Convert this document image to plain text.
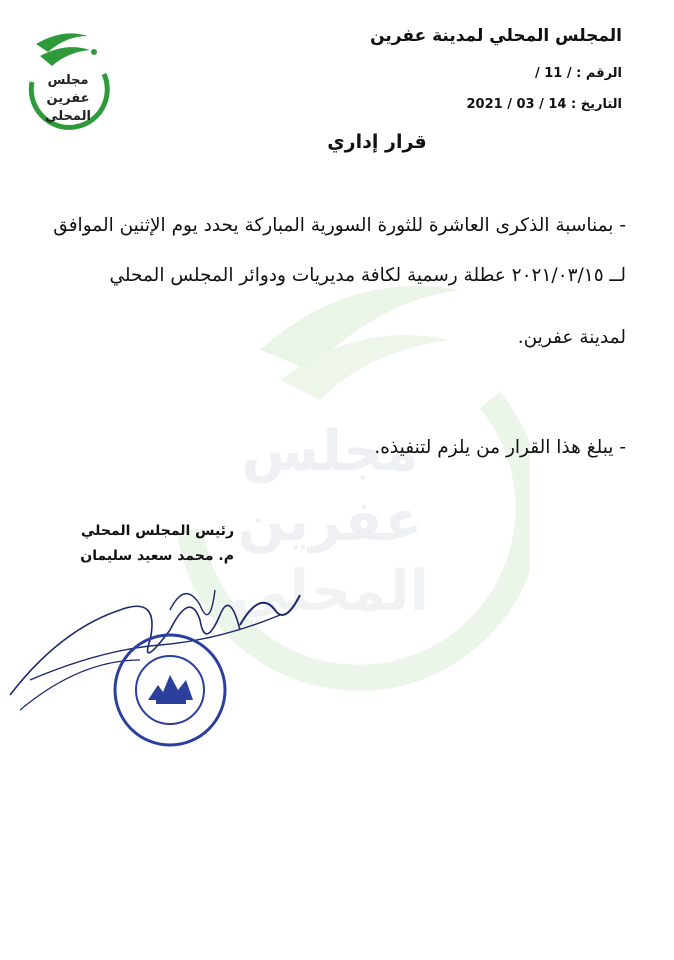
مجلس
عفرين
المحلي
مجلس
عفرين
المحلي
المجلس المحلي لمدينة عفرين
الرقم : / 11 /
التاريخ : 14 / 03 / 2021
قرار إداري
- بمناسبة الذكرى العاشرة للثورة السورية المباركة يحدد يوم الإثنين الموافق
لــ ٢٠٢١/٠٣/١٥ عطلة رسمية لكافة مديريات ودوائر المجلس المحلي
لمدينة عفرين.
- يبلغ هذا القرار من يلزم لتنفيذه.
رئيس المجلس المحلي
م. محمد سعيد سليمان
